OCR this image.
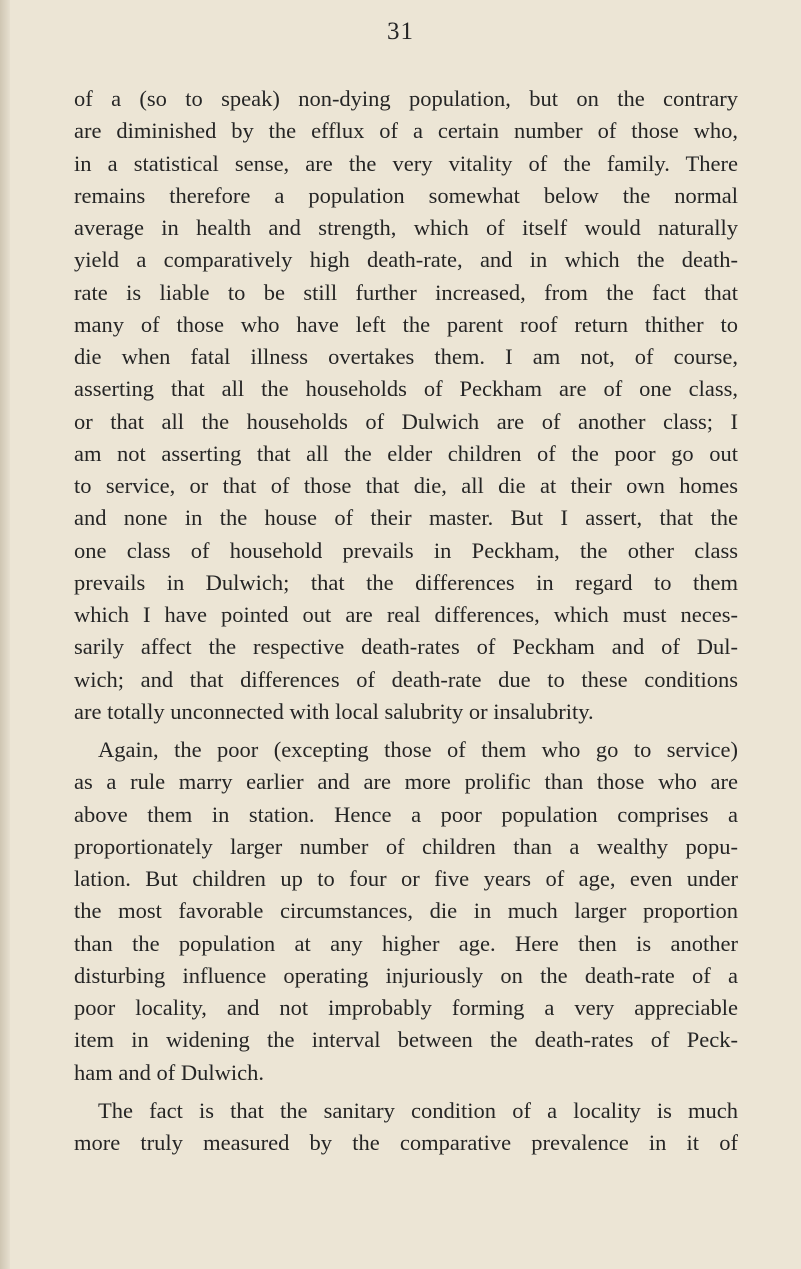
31
of a (so to speak) non-dying population, but on the contrary
are diminished by the efflux of a certain number of those who,
in a statistical sense, are the very vitality of the family. There
remains therefore a population somewhat below the normal
average in health and strength, which of itself would naturally
yield a comparatively high death-rate, and in which the death-
rate is liable to be still further increased, from the fact that
many of those who have left the parent roof return thither to
die when fatal illness overtakes them. I am not, of course,
asserting that all the households of Peckham are of one class,
or that all the households of Dulwich are of another class; I
am not asserting that all the elder children of the poor go out
to service, or that of those that die, all die at their own homes
and none in the house of their master. But I assert, that the
one class of household prevails in Peckham, the other class
prevails in Dulwich; that the differences in regard to them
which I have pointed out are real differences, which must neces-
sarily affect the respective death-rates of Peckham and of Dul-
wich; and that differences of death-rate due to these conditions
are totally unconnected with local salubrity or insalubrity.
Again, the poor (excepting those of them who go to service)
as a rule marry earlier and are more prolific than those who are
above them in station. Hence a poor population comprises a
proportionately larger number of children than a wealthy popu-
lation. But children up to four or five years of age, even under
the most favorable circumstances, die in much larger proportion
than the population at any higher age. Here then is another
disturbing influence operating injuriously on the death-rate of a
poor locality, and not improbably forming a very appreciable
item in widening the interval between the death-rates of Peck-
ham and of Dulwich.
The fact is that the sanitary condition of a locality is much
more truly measured by the comparative prevalence in it of
